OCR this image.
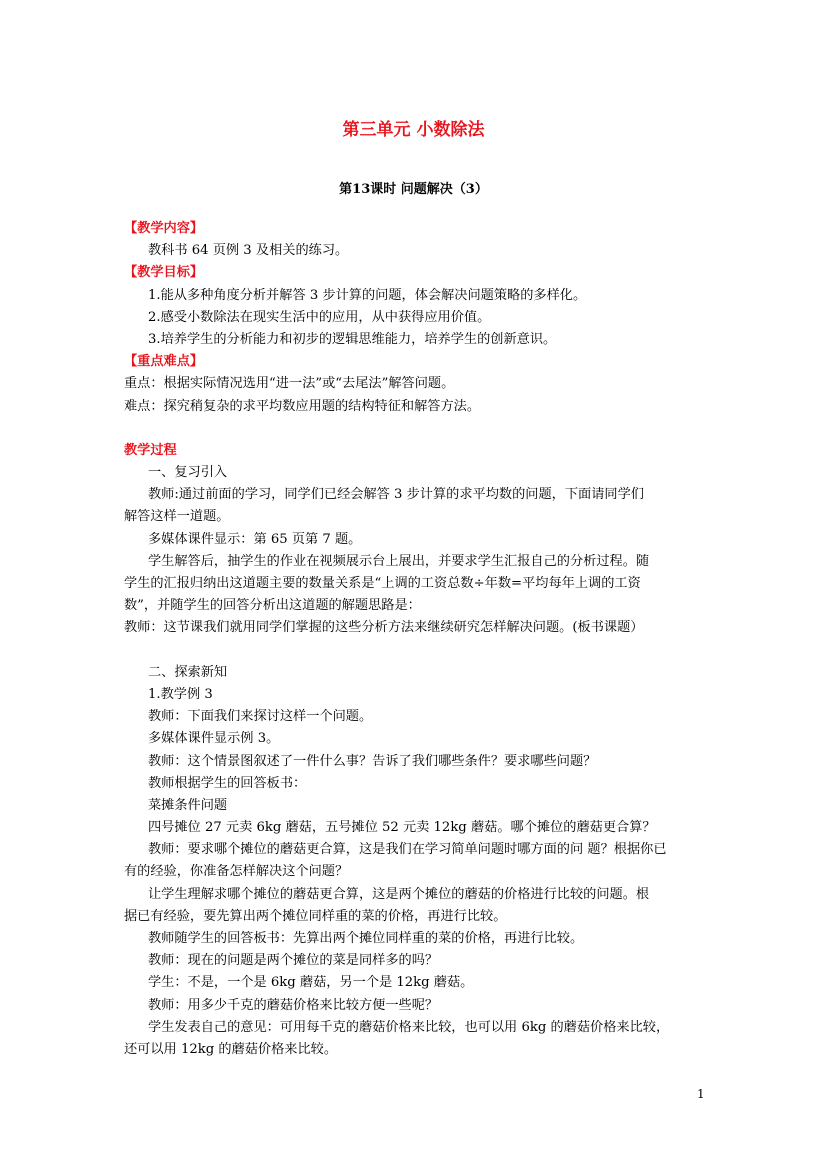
第三单元 小数除法
第13课时 问题解决（3）
【教学内容】
教科书 64 页例 3 及相关的练习。
【教学目标】
1.能从多种角度分析并解答 3 步计算的问题，体会解决问题策略的多样化。
2.感受小数除法在现实生活中的应用，从中获得应用价值。
3.培养学生的分析能力和初步的逻辑思维能力，培养学生的创新意识。
【重点难点】
重点：根据实际情况选用“进一法”或“去尾法”解答问题。
难点：探究稍复杂的求平均数应用题的结构特征和解答方法。
教学过程
一、复习引入
教师:通过前面的学习，同学们已经会解答 3 步计算的求平均数的问题，下面请同学们
解答这样一道题。
多媒体课件显示：第 65 页第 7 题。
学生解答后，抽学生的作业在视频展示台上展出，并要求学生汇报自己的分析过程。随
学生的汇报归纳出这道题主要的数量关系是“上调的工资总数÷年数=平均每年上调的工资
数”，并随学生的回答分析出这道题的解题思路是：
教师：这节课我们就用同学们掌握的这些分析方法来继续研究怎样解决问题。(板书课题）
二、探索新知
1.教学例 3
教师：下面我们来探讨这样一个问题。
多媒体课件显示例 3。
教师：这个情景图叙述了一件什么事？告诉了我们哪些条件？要求哪些问题？
教师根据学生的回答板书：
菜摊条件问题
四号摊位 27 元卖 6kg 蘑菇，五号摊位 52 元卖 12kg 蘑菇。哪个摊位的蘑菇更合算？
教师：要求哪个摊位的蘑菇更合算，这是我们在学习简单问题时哪方面的问 题？根据你已
有的经验，你准备怎样解决这个问题？
让学生理解求哪个摊位的蘑菇更合算，这是两个摊位的蘑菇的价格进行比较的问题。根
据已有经验，要先算出两个摊位同样重的菜的价格，再进行比较。
教师随学生的回答板书：先算出两个摊位同样重的菜的价格，再进行比较。
教师：现在的问题是两个摊位的菜是同样多的吗？
学生：不是，一个是 6kg 蘑菇，另一个是 12kg 蘑菇。
教师：用多少千克的蘑菇价格来比较方便一些呢？
学生发表自己的意见：可用每千克的蘑菇价格来比较，也可以用 6kg 的蘑菇价格来比较，
还可以用 12kg 的蘑菇价格来比较。
1
